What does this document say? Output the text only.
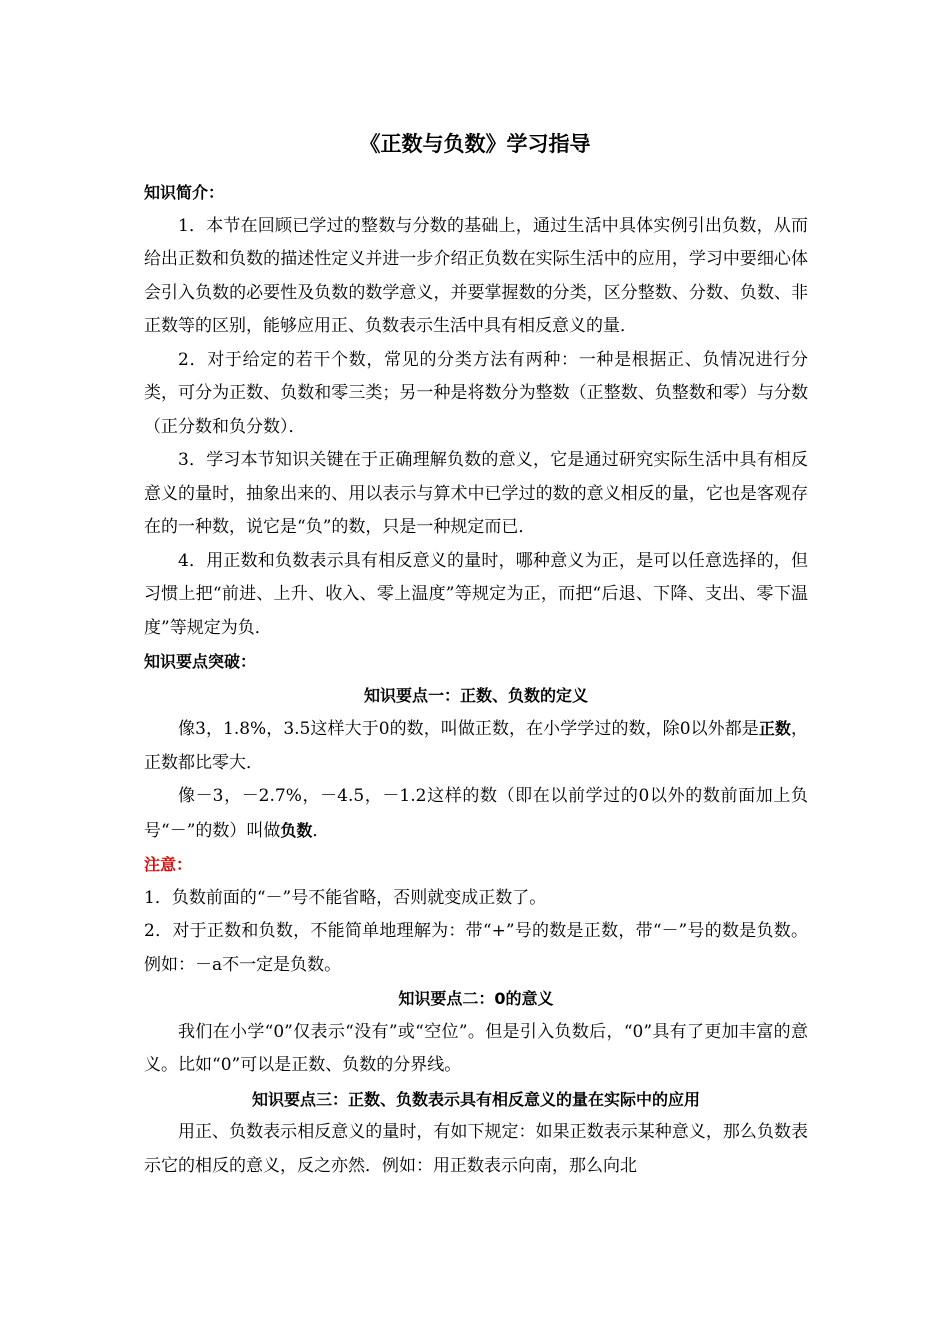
《正数与负数》学习指导
知识简介：
1．本节在回顾已学过的整数与分数的基础上，通过生活中具体实例引出负数，从而给出正数和负数的描述性定义并进一步介绍正负数在实际生活中的应用，学习中要细心体会引入负数的必要性及负数的数学意义，并要掌握数的分类，区分整数、分数、负数、非正数等的区别，能够应用正、负数表示生活中具有相反意义的量．
2．对于给定的若干个数，常见的分类方法有两种：一种是根据正、负情况进行分类，可分为正数、负数和零三类；另一种是将数分为整数（正整数、负整数和零）与分数（正分数和负分数）．
3．学习本节知识关键在于正确理解负数的意义，它是通过研究实际生活中具有相反意义的量时，抽象出来的、用以表示与算术中已学过的数的意义相反的量，它也是客观存在的一种数，说它是“负”的数，只是一种规定而已．
4．用正数和负数表示具有相反意义的量时，哪种意义为正，是可以任意选择的，但习惯上把“前进、上升、收入、零上温度”等规定为正，而把“后退、下降、支出、零下温度”等规定为负．
知识要点突破：
知识要点一：正数、负数的定义
像3，1.8%，3.5这样大于0的数，叫做正数，在小学学过的数，除0以外都是正数，正数都比零大．
像－3，－2.7%，－4.5，－1.2这样的数（即在以前学过的0以外的数前面加上负号“－”的数）叫做负数．
注意：
1．负数前面的“－”号不能省略，否则就变成正数了。
2．对于正数和负数，不能简单地理解为：带“+”号的数是正数，带“－”号的数是负数。例如：－a不一定是负数。
知识要点二：0的意义
我们在小学“0”仅表示“没有”或“空位”。但是引入负数后，“0”具有了更加丰富的意义。比如“0”可以是正数、负数的分界线。
知识要点三：正数、负数表示具有相反意义的量在实际中的应用
用正、负数表示相反意义的量时，有如下规定：如果正数表示某种意义，那么负数表示它的相反的意义，反之亦然．例如：用正数表示向南，那么向北
